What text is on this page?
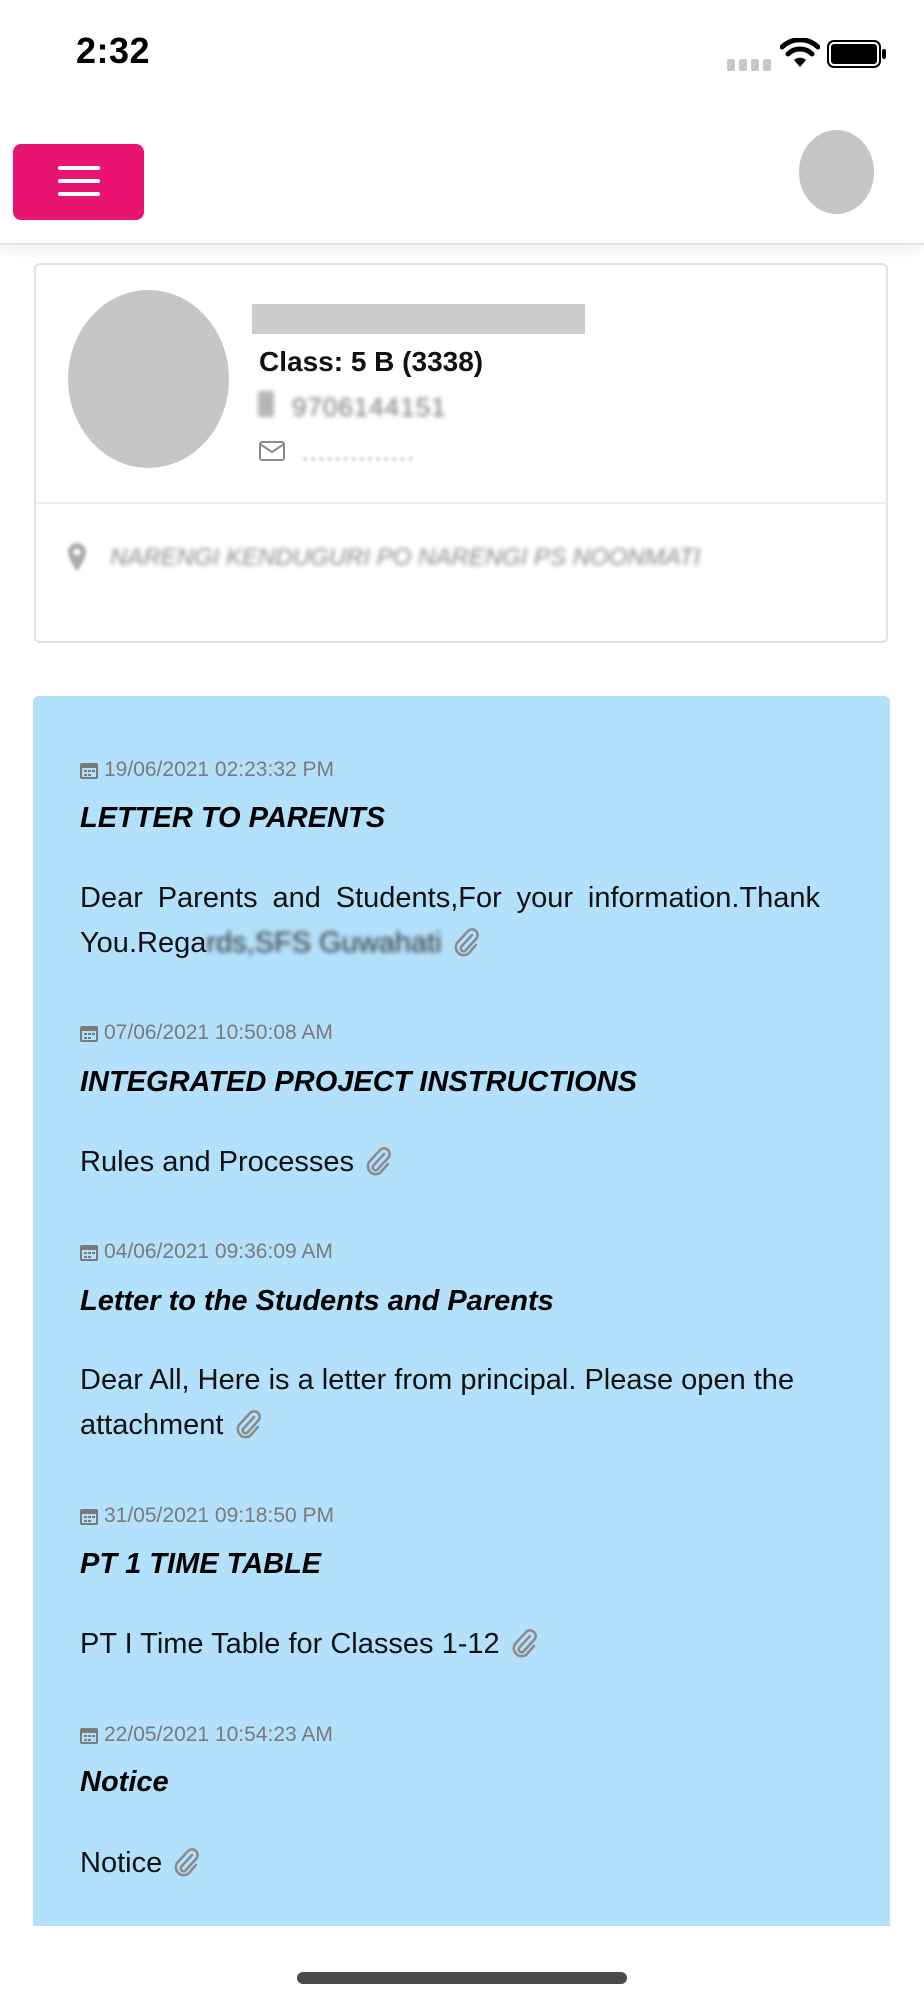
2:32
Class: 5 B (3338)
9706144151
..............
NARENGI KENDUGURI PO NARENGI PS NOONMATI
19/06/2021 02:23:32 PM
LETTER TO PARENTS
Dear Parents and Students,For your information.Thank You.Regards,SFS Guwahati
07/06/2021 10:50:08 AM
INTEGRATED PROJECT INSTRUCTIONS
Rules and Processes
04/06/2021 09:36:09 AM
Letter to the Students and Parents
Dear All, Here is a letter from principal. Please open the attachment
31/05/2021 09:18:50 PM
PT 1 TIME TABLE
PT I Time Table for Classes 1-12
22/05/2021 10:54:23 AM
Notice
Notice
